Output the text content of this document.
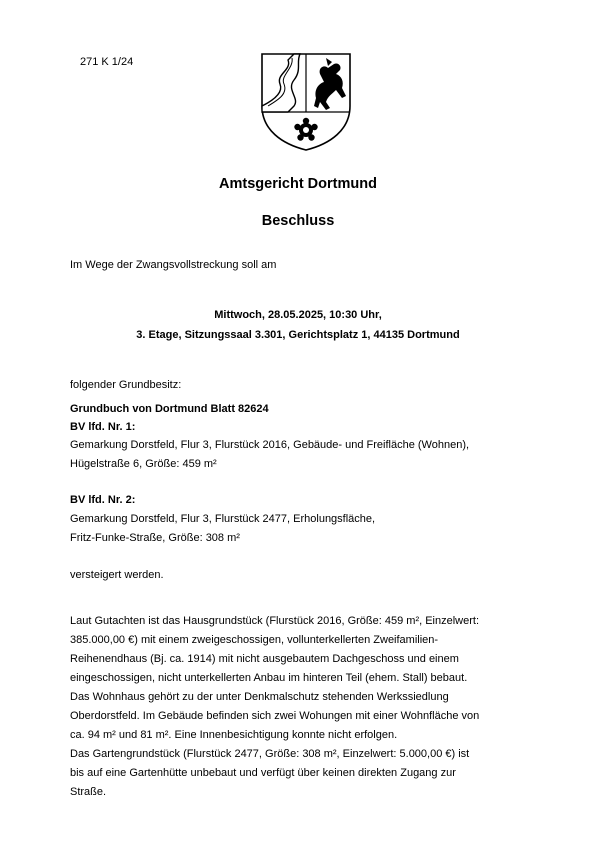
271 K 1/24
Amtsgericht Dortmund
Beschluss
Im Wege der Zwangsvollstreckung soll am
Mittwoch, 28.05.2025, 10:30 Uhr,
3. Etage, Sitzungssaal 3.301, Gerichtsplatz 1, 44135 Dortmund
folgender Grundbesitz:
Grundbuch von Dortmund Blatt 82624
BV lfd. Nr. 1:
Gemarkung Dorstfeld, Flur 3, Flurstück 2016, Gebäude- und Freifläche (Wohnen),
Hügelstraße 6, Größe: 459 m²
BV lfd. Nr. 2:
Gemarkung Dorstfeld, Flur 3, Flurstück 2477, Erholungsfläche,
Fritz-Funke-Straße, Größe: 308 m²
versteigert werden.

Laut Gutachten ist das Hausgrundstück (Flurstück 2016, Größe: 459 m², Einzelwert:

385.000,00 €) mit einem zweigeschossigen, vollunterkellerten Zweifamilien-

Reihenendhaus (Bj. ca. 1914) mit nicht ausgebautem Dachgeschoss und einem

eingeschossigen, nicht unterkellerten Anbau im hinteren Teil (ehem. Stall) bebaut.

Das Wohnhaus gehört zu der unter Denkmalschutz stehenden Werkssiedlung

Oberdorstfeld. Im Gebäude befinden sich zwei Wohungen mit einer Wohnfläche von

ca. 94 m² und 81 m². Eine Innenbesichtigung konnte nicht erfolgen.

Das Gartengrundstück (Flurstück 2477, Größe: 308 m², Einzelwert: 5.000,00 €) ist

bis auf eine Gartenhütte unbebaut und verfügt über keinen direkten Zugang zur

Straße.
